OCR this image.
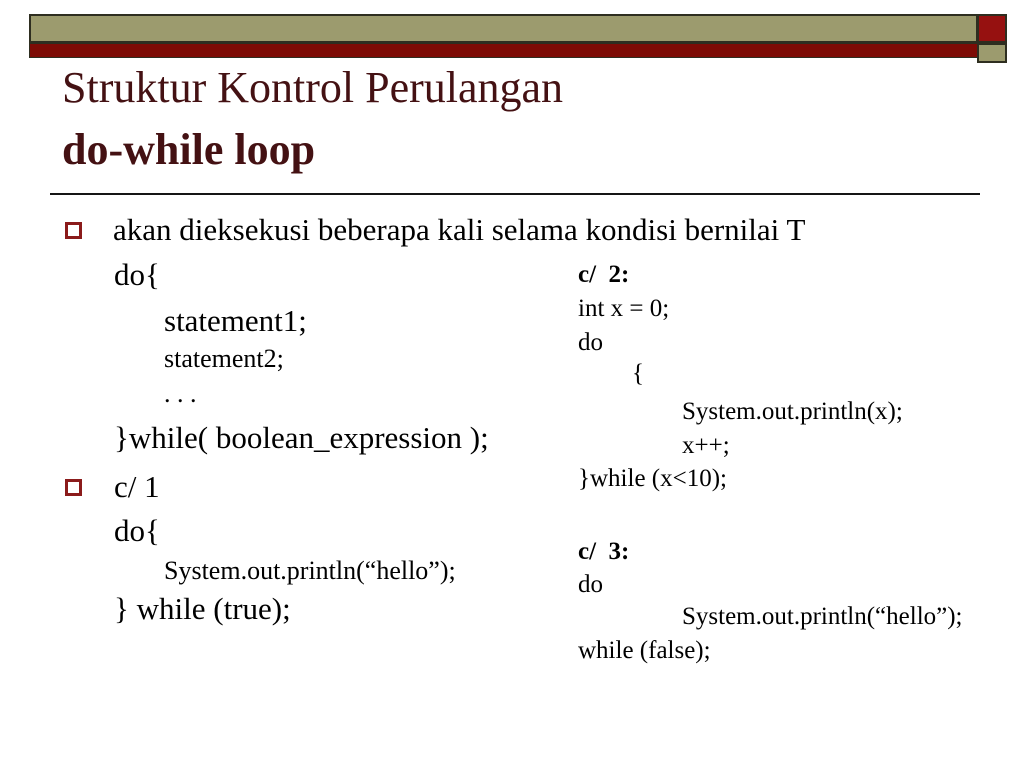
Struktur Kontrol Perulangan
do-while loop
akan dieksekusi beberapa kali selama kondisi bernilai T
do{
statement1;
statement2;
. . .
}while( boolean_expression );
c/ 1
do{
System.out.println(“hello”);
} while (true);
c/  2:
int x = 0;
do
{
System.out.println(x);
x++;
}while (x<10);
c/  3:
do
System.out.println(“hello”);
while (false);
